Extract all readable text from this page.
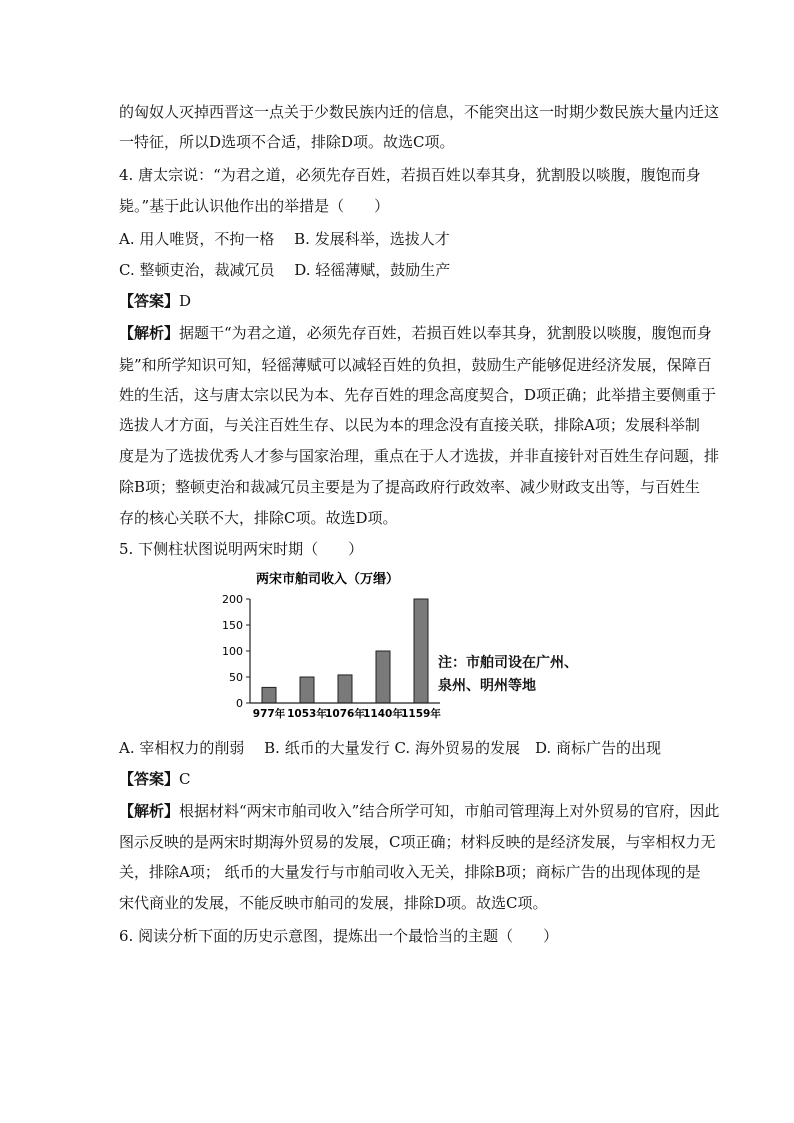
的匈奴人灭掉西晋这一点关于少数民族内迁的信息，不能突出这一时期少数民族大量内迁这
一特征，所以D选项不合适，排除D项。故选C项。
4. 唐太宗说：“为君之道，必须先存百姓，若损百姓以奉其身，犹割股以啖腹，腹饱而身
毙。”基于此认识他作出的举措是（　　）
A. 用人唯贤，不拘一格　 B. 发展科举，选拔人才
C. 整顿吏治，裁减冗员　 D. 轻徭薄赋，鼓励生产
【答案】D
【解析】据题干“为君之道，必须先存百姓，若损百姓以奉其身，犹割股以啖腹，腹饱而身
毙”和所学知识可知，轻徭薄赋可以减轻百姓的负担，鼓励生产能够促进经济发展，保障百
姓的生活，这与唐太宗以民为本、先存百姓的理念高度契合，D项正确；此举措主要侧重于
选拔人才方面，与关注百姓生存、以民为本的理念没有直接关联，排除A项；发展科举制
度是为了选拔优秀人才参与国家治理，重点在于人才选拔，并非直接针对百姓生存问题，排
除B项；整顿吏治和裁减冗员主要是为了提高政府行政效率、减少财政支出等，与百姓生
存的核心关联不大，排除C项。故选D项。
5. 下侧柱状图说明两宋时期（　　）
两宋市舶司收入（万缗）
0
50
100
150
200
977年 1053年
1076年
1140年
1159年
注：市舶司设在广州、
泉州、明州等地
A. 宰相权力的削弱　 B. 纸币的大量发行 C. 海外贸易的发展　D. 商标广告的出现
【答案】C
【解析】根据材料“两宋市舶司收入”结合所学可知，市舶司管理海上对外贸易的官府，因此
图示反映的是两宋时期海外贸易的发展，C项正确；材料反映的是经济发展，与宰相权力无
关，排除A项； 纸币的大量发行与市舶司收入无关，排除B项；商标广告的出现体现的是
宋代商业的发展，不能反映市舶司的发展，排除D项。故选C项。
6. 阅读分析下面的历史示意图，提炼出一个最恰当的主题（　　）
